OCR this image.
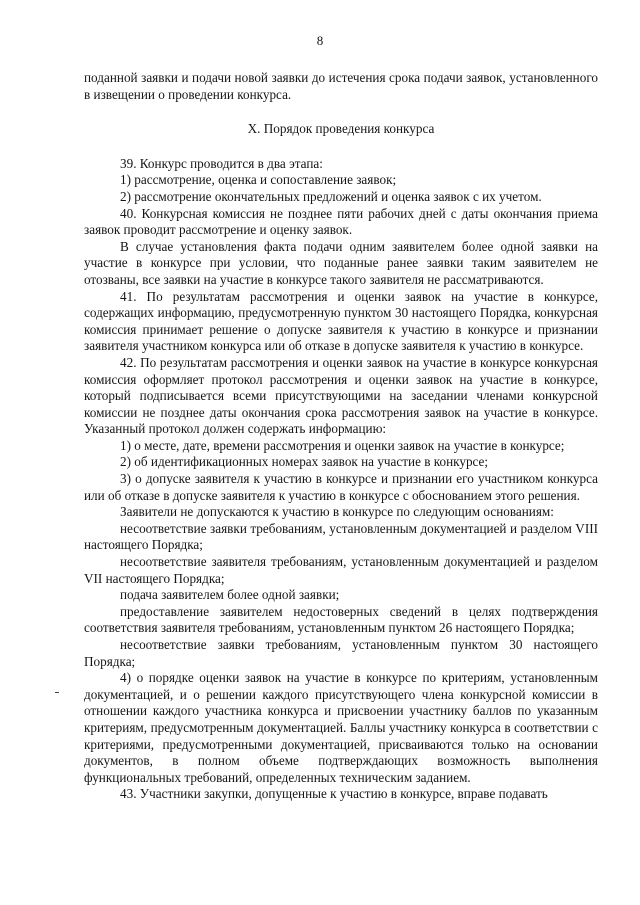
8

поданной заявки и подачи новой заявки до истечения срока подачи заявок, установленного в извещении о проведении конкурса.

X. Порядок проведения конкурса

39. Конкурс проводится в два этапа:

1) рассмотрение, оценка и сопоставление заявок;

2) рассмотрение окончательных предложений и оценка заявок с их учетом.

40. Конкурсная комиссия не позднее пяти рабочих дней с даты окончания приема заявок проводит рассмотрение и оценку заявок.

В случае установления факта подачи одним заявителем более одной заявки на участие в конкурсе при условии, что поданные ранее заявки таким заявителем не отозваны, все заявки на участие в конкурсе такого заявителя не рассматриваются.

41. По результатам рассмотрения и оценки заявок на участие в конкурсе, содержащих информацию, предусмотренную пунктом 30 настоящего Порядка, конкурсная комиссия принимает решение о допуске заявителя к участию в конкурсе и признании заявителя участником конкурса или об отказе в допуске заявителя к участию в конкурсе.

42. По результатам рассмотрения и оценки заявок на участие в конкурсе конкурсная комиссия оформляет протокол рассмотрения и оценки заявок на участие в конкурсе, который подписывается всеми присутствующими на заседании членами конкурсной комиссии не позднее даты окончания срока рассмотрения заявок на участие в конкурсе. Указанный протокол должен содержать информацию:

1) о месте, дате, времени рассмотрения и оценки заявок на участие в конкурсе;

2) об идентификационных номерах заявок на участие в конкурсе;

3) о допуске заявителя к участию в конкурсе и признании его участником конкурса или об отказе в допуске заявителя к участию в конкурсе с обоснованием этого решения.

Заявители не допускаются к участию в конкурсе по следующим основаниям:

несоответствие заявки требованиям, установленным документацией и разделом VIII настоящего Порядка;

несоответствие заявителя требованиям, установленным документацией и разделом VII настоящего Порядка;

подача заявителем более одной заявки;

предоставление заявителем недостоверных сведений в целях подтверждения соответствия заявителя требованиям, установленным пунктом 26 настоящего Порядка;

несоответствие заявки требованиям, установленным пунктом 30 настоящего Порядка;

4) о порядке оценки заявок на участие в конкурсе по критериям, установленным документацией, и о решении каждого присутствующего члена конкурсной комиссии в отношении каждого участника конкурса и присвоении участнику баллов по указанным критериям, предусмотренным документацией. Баллы участнику конкурса в соответствии с критериями, предусмотренными документацией, присваиваются только на основании документов, в полном объеме подтверждающих возможность выполнения функциональных требований, определенных техническим заданием.

43. Участники закупки, допущенные к участию в конкурсе, вправе подавать
